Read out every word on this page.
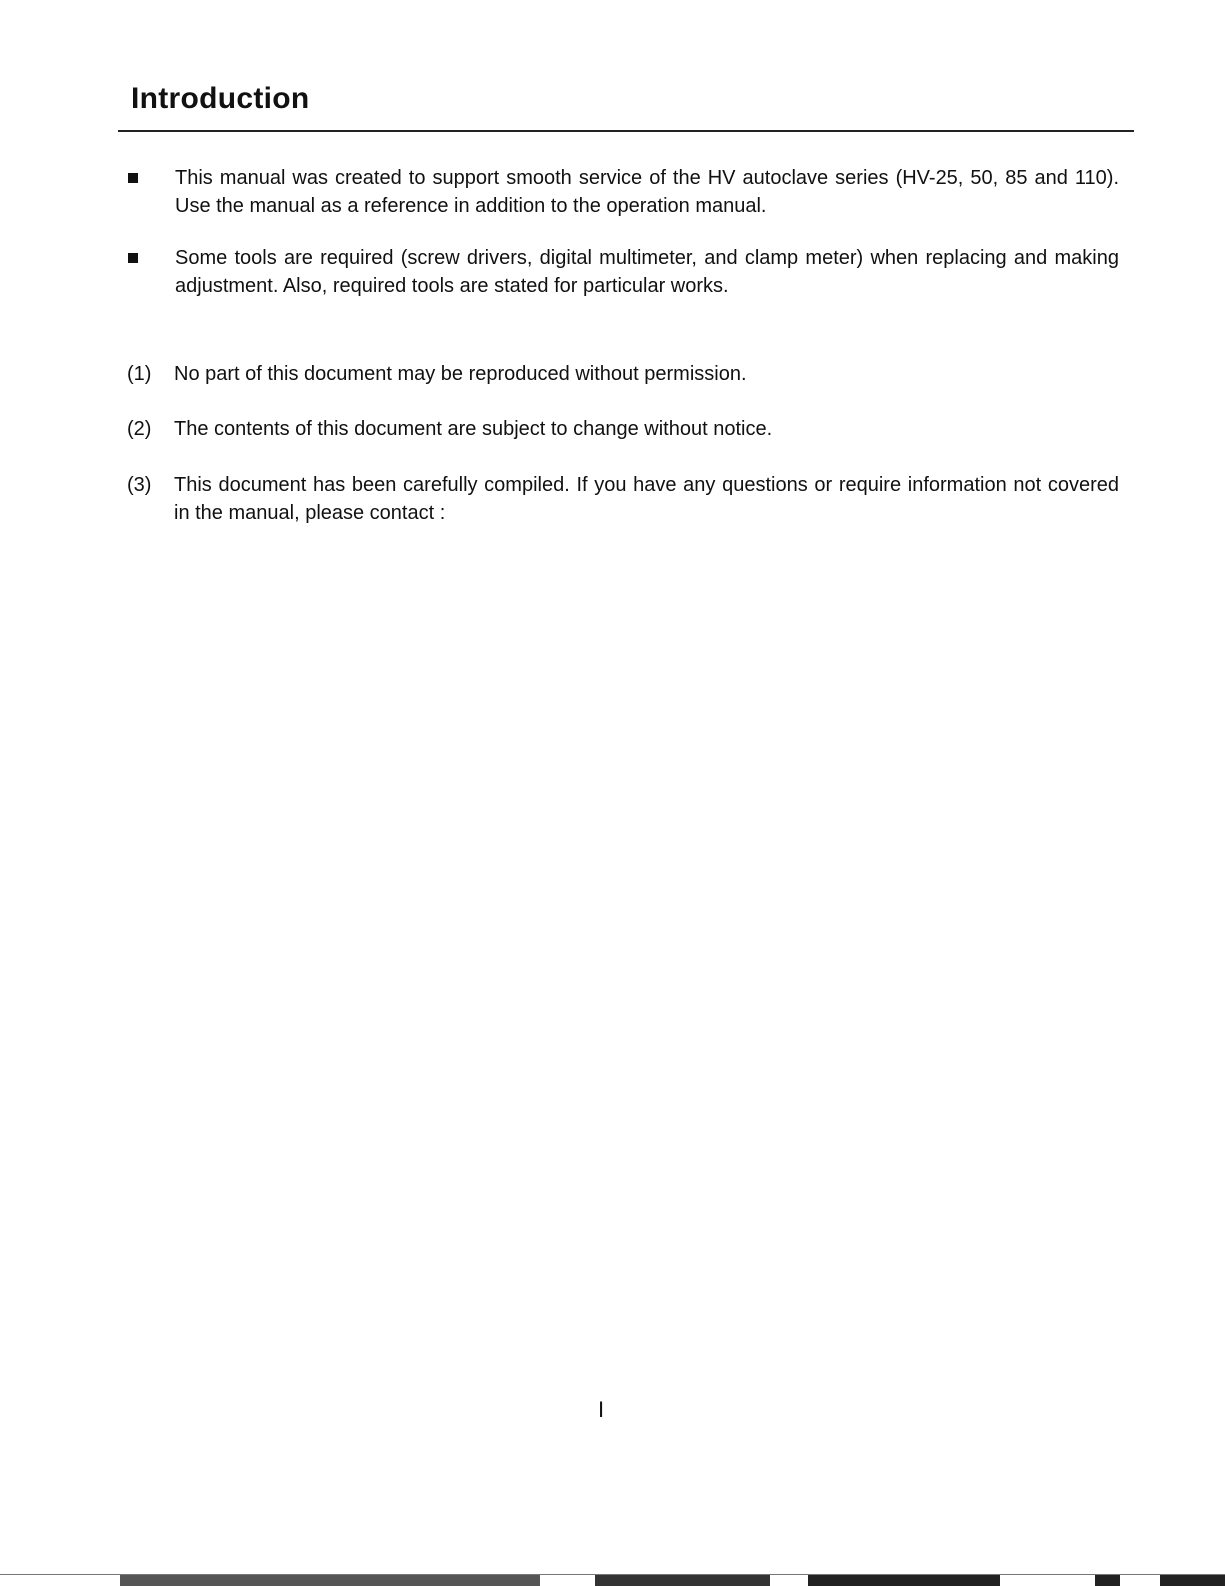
Introduction
This manual was created to support smooth service of the HV autoclave series (HV-25, 50, 85 and 110). Use the manual as a reference in addition to the operation manual.
Some tools are required (screw drivers, digital multimeter, and clamp meter) when replacing and making adjustment. Also, required tools are stated for particular works.
(1) No part of this document may be reproduced without permission.
(2) The contents of this document are subject to change without notice.
(3) This document has been carefully compiled. If you have any questions or require information not covered in the manual, please contact :
I
